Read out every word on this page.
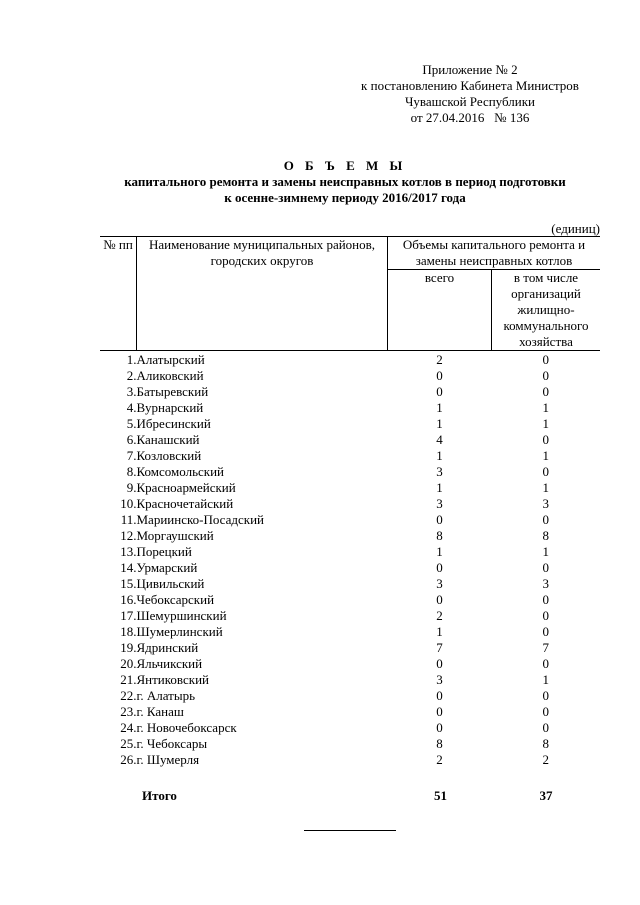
Приложение № 2
к постановлению Кабинета Министров
Чувашской Республики
от 27.04.2016   № 136
О Б Ъ Е М Ы
капитального ремонта и замены неисправных котлов в период подготовки
к осенне-зимнему периоду 2016/2017 года
(единиц)
№ пп	Наименование муниципальных районов, городских округов	Объемы капитального ремонта и замены неисправных котлов	
		всего	в том числе организаций жилищно-коммунального хозяйства
1.	Алатырский	2	0
2.	Аликовский	0	0
3.	Батыревский	0	0
4.	Вурнарский	1	1
5.	Ибресинский	1	1
6.	Канашский	4	0
7.	Козловский	1	1
8.	Комсомольский	3	0
9.	Красноармейский	1	1
10.	Красночетайский	3	3
11.	Мариинско-Посадский	0	0
12.	Моргаушский	8	8
13.	Порецкий	1	1
14.	Урмарский	0	0
15.	Цивильский	3	3
16.	Чебоксарский	0	0
17.	Шемуршинский	2	0
18.	Шумерлинский	1	0
19.	Ядринский	7	7
20.	Яльчикский	0	0
21.	Янтиковский	3	1
22.	г. Алатырь	0	0
23.	г. Канаш	0	0
24.	г. Новочебоксарск	0	0
25.	г. Чебоксары	8	8
26.	г. Шумерля	2	2
Итого	51	37
